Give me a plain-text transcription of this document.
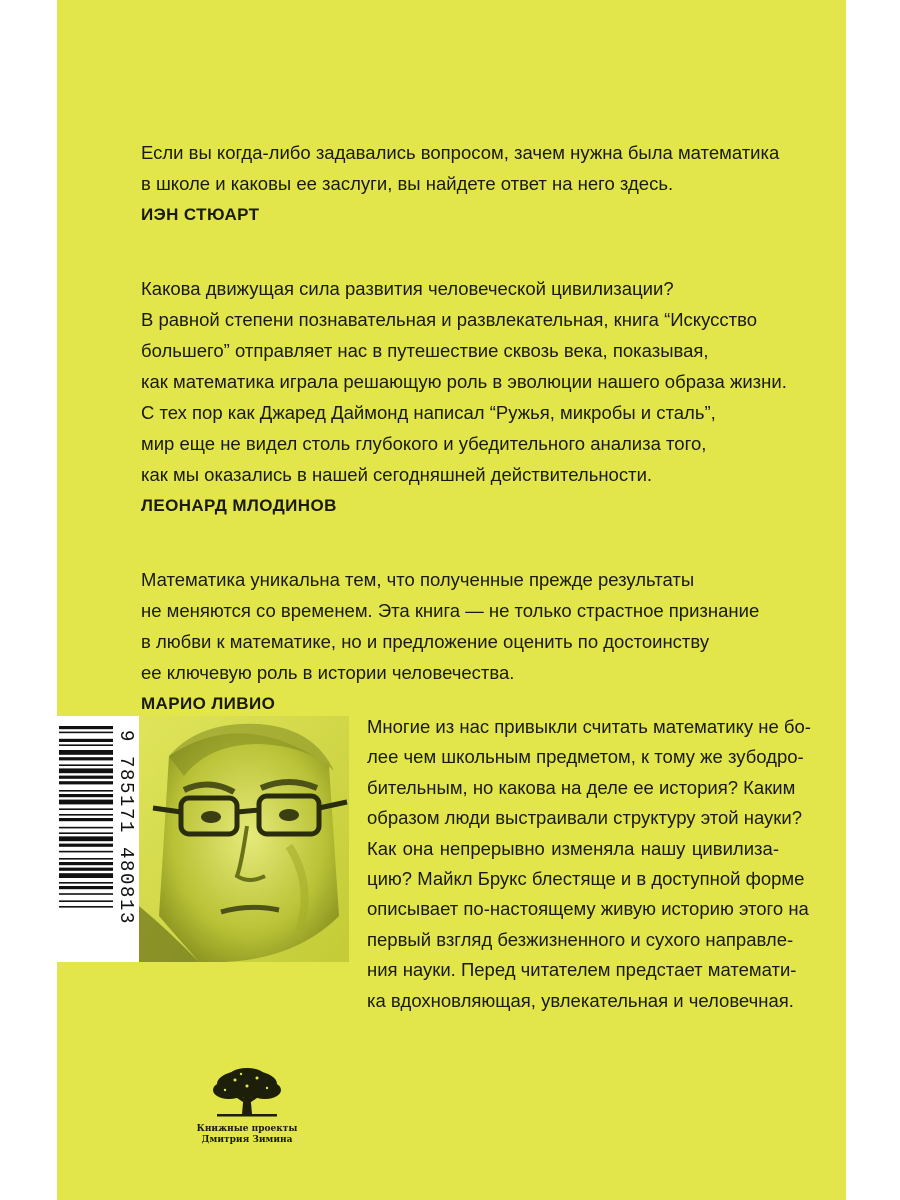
Если вы когда-либо задавались вопросом, зачем нужна была математика

в школе и каковы ее заслуги, вы найдете ответ на него здесь.

ИЭН СТЮАРТ

Какова движущая сила развития человеческой цивилизации?

В равной степени познавательная и развлекательная, книга “Искусство

большего” отправляет нас в путешествие сквозь века, показывая,

как математика играла решающую роль в эволюции нашего образа жизни.

С тех пор как Джаред Даймонд написал “Ружья, микробы и сталь”,

мир еще не видел столь глубокого и убедительного анализа того,

как мы оказались в нашей сегодняшней действительности.

ЛЕОНАРД МЛОДИНОВ

Математика уникальна тем, что полученные прежде результаты

не меняются со временем. Эта книга — не только страстное признание

в любви к математике, но и предложение оценить по достоинству

ее ключевую роль в истории человечества.

МАРИО ЛИВИО

9 785171 480813

Многие из нас привыкли считать математику не бо-

лее чем школьным предметом, к тому же зубодро-

бительным, но какова на деле ее история? Каким

образом люди выстраивали структуру этой науки?

Как она непрерывно изменяла нашу цивилиза-

цию? Майкл Брукс блестяще и в доступной форме

описывает по-настоящему живую историю этого на

первый взгляд безжизненного и сухого направле-

ния науки. Перед читателем предстает математи-

ка вдохновляющая, увлекательная и человечная.

Книжные проекты
Дмитрия Зимина
